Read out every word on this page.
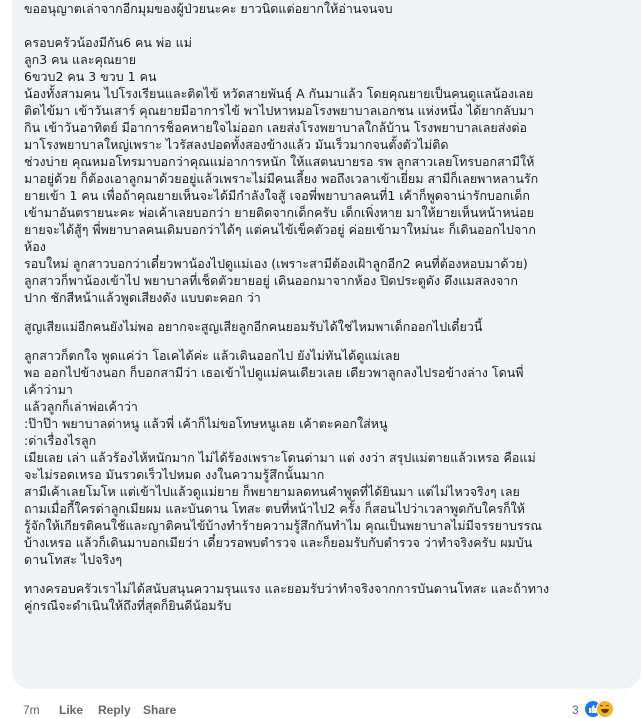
ขออนุญาตเล่าจากอีกมุมของผู้ป่วยนะคะ ยาวนิดแต่อยากให้อ่านจนจบ

ครอบครัวน้องมีกัน6 คน พ่อ แม่
ลูก3 คน และคุณยาย
6ขวบ2 คน 3 ขวบ 1 คน
น้องทั้งสามคน ไปโรงเรียนและติดไข้ หวัดสายพันธุ์ A กันมาแล้ว โดยคุณยายเป็นคนดูแลน้องเลย
ติดไข้มา เข้าวันเสาร์ คุณยายมีอาการไข้ พาไปหาหมอโรงพยาบาลเอกชน แห่งหนึ่ง ได้ยากลับมา
กิน เข้าวันอาทิตย์ มีอาการช็อคหายใจไม่ออก เลยส่งโรงพยาบาลใกล้บ้าน โรงพยาบาลเลยส่งต่อ
มาโรงพยาบาลใหญ่เพราะ ไวรัสลงปอดทั้งสองข้างแล้ว มันเร็วมากจนตั้งตัวไม่ติด
ช่วงบ่าย คุณหมอโทรมาบอกว่าคุณแม่อาการหนัก ให้แสตนบายรอ รพ ลูกสาวเลยโทรบอกสามีให้
มาอยู่ด้วย ก็ต้องเอาลูกมาด้วยอยู่แล้วเพราะไม่มีคนเลี้ยง พอถึงเวลาเข้าเยี่ยม สามีก็เลยพาหลานรัก
ยายเข้า 1 คน เพื่อถ้าคุณยายเห็นจะได้มีกำลังใจสู้ เจอพี่พยาบาลคนที่1 เค้าก็พูดจาน่ารักบอกเด็ก
เข้ามาอันตรายนะคะ พ่อเค้าเลยบอกว่า ยายติดจากเด็กครับ เด็กเพิ่งหาย มาให้ยายเห็นหน้าหน่อย
ยายจะได้สู้ๆ พี่พยาบาลคนเดิมบอกว่าได้ๆ แต่คนไข้เข็คตัวอยู่ ค่อยเข้ามาใหม่นะ ก็เดินออกไปจาก
ห้อง
รอบใหม่ ลูกสาวบอกว่าเดี๋ยวพาน้องไปดูแม่เอง (เพราะสามีต้องเฝ้าลูกอีก2 คนที่ต้องหอบมาด้วย)
ลูกสาวก็พาน้องเข้าไป พยาบาลที่เช็ดตัวยายอยู่ เดินออกมาจากห้อง ปิดประตูดัง ดึงแมสลงจาก
ปาก ชักสีหน้าแล้วพูดเสียงดัง แบบตะคอก ว่า

สูญเสียแม่อีกคนยังไม่พอ อยากจะสูญเสียลูกอีกคนยอมรับได้ใช่ไหมพาเด็กออกไปเดี๋ยวนี้

ลูกสาวก็ตกใจ พูดแค่ว่า โอเคได้ค่ะ แล้วเดินออกไป ยังไม่ทันได้ดูแม่เลย
พอ ออกไปข้างนอก ก็บอกสามีว่า เธอเข้าไปดูแม่คนเดียวเลย เดียวพาลูกลงไปรอข้างล่าง โดนพี่
เค้าว่ามา
แล้วลูกก็เล่าพ่อเค้าว่า
:ป๊าป๊า พยาบาลด่าหนู แล้วพี่ เค้าก็ไม่ขอโทษหนูเลย เค้าตะคอกใส่หนู
:ด่าเรื่องไรลูก
เมียเลย เล่า แล้วร้องไห้หนักมาก ไม่ได้ร้องเพราะโดนด่ามา แต่ งงว่า สรุปแม่ตายแล้วเหรอ คือแม่
จะไม่รอดเหรอ มันรวดเร็วไปหมด งงในความรู้สึกนั้นมาก
สามีเค้าเลยโมโห แต่เข้าไปแล้วดูแม่ยาย ก็พยายามลดทนคำพูดที่ได้ยินมา แต่ไม่ไหวจริงๆ เลย
ถามเมื่อกี้ใครด่าลูกเมียผม และบันดาน โทสะ ตบที่หน้าไป2 ครั้ง ก็สอนไปว่าเวลาพูดกับใครก็ให้
รู้จักให้เกียรติคนใช้และญาติคนไข้บ้างทำร้ายความรู้สึกกันทำไม คุณเป็นพยาบาลไม่มีจรรยาบรรณ
บ้างเหรอ แล้วก็เดินมาบอกเมียว่า เดี๋ยวรอพบตำรวจ และก็ยอมรับกับตำรวจ ว่าทำจริงครับ ผมบัน
ดานโทสะ ไปจริงๆ

ทางครอบครัวเราไม่ได้สนับสนุนความรุนแรง และยอมรับว่าทำจริงจากการบันดานโทสะ และถ้าทาง
คู่กรณีจะดำเนินให้ถึงที่สุดก็ยินดีน้อมรับ

7m Like Reply Share	3
